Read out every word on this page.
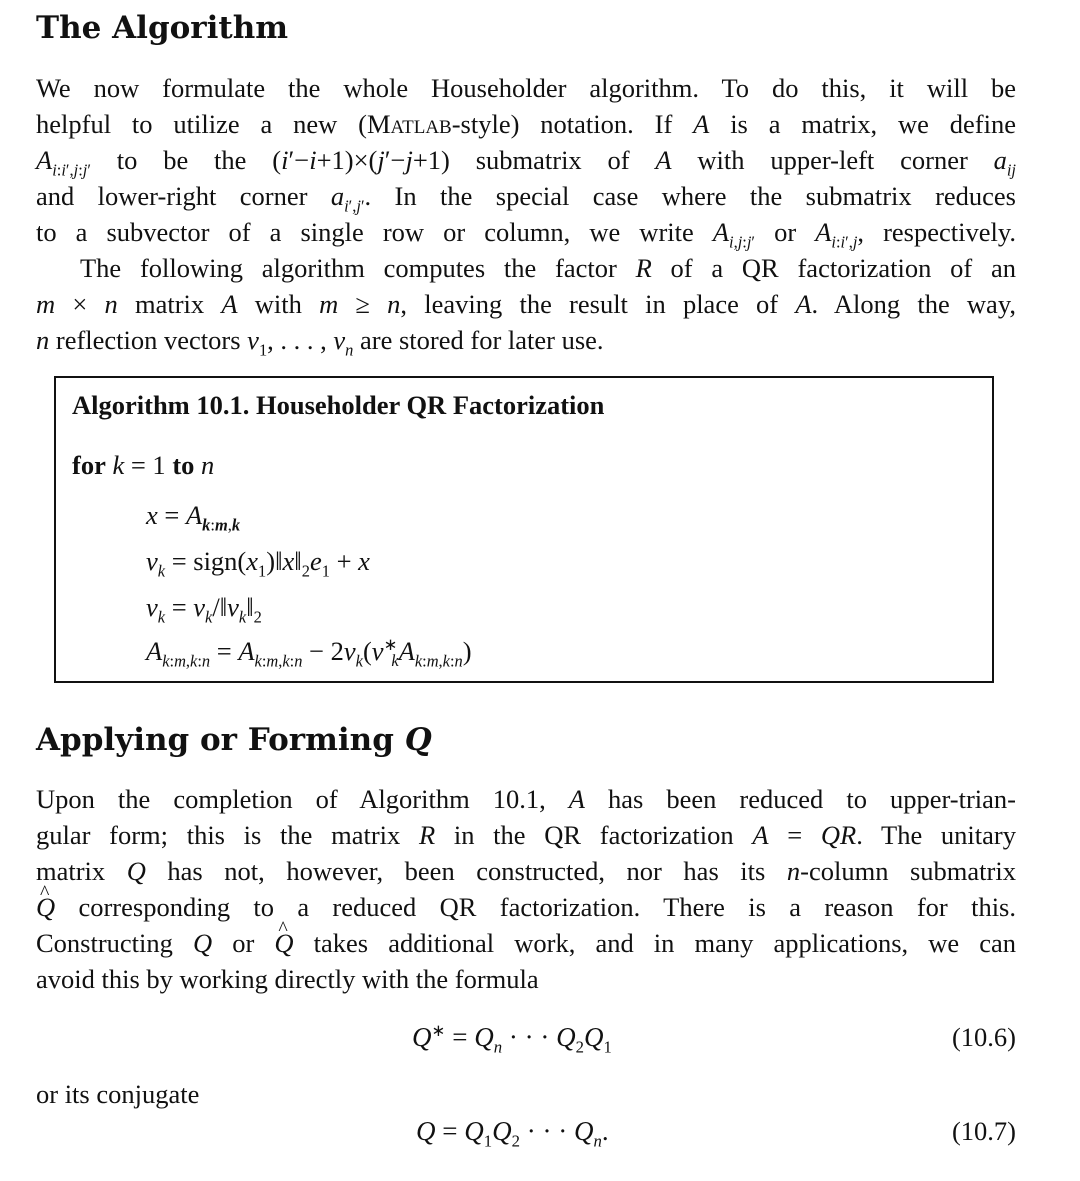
The Algorithm
We now formulate the whole Householder algorithm. To do this, it will be
helpful to utilize a new (Matlab-style) notation. If A is a matrix, we define
$A_{i:i',j:j'}$ to be the (i′−i+1)×(j′−j+1) submatrix of A with upper-left corner $a_{ij}$
and lower-right corner $a_{i',j'}$. In the special case where the submatrix reduces
to a subvector of a single row or column, we write $A_{i,j:j'}$ or $A_{i:i',j}$, respectively.
The following algorithm computes the factor R of a QR factorization of an
m × n matrix A with m ≥ n, leaving the result in place of A. Along the way,
n reflection vectors $v_1$, . . . , $v_n$ are stored for later use.
Algorithm 10.1. Householder QR Factorization
for k = 1 to n
$x = A_{k:m,k}$
$v_k$ = $sign(x_1)‖x‖_2e_1 + x$
$v_k$ = $v_k/‖v_k‖_2$
$A_{k:m,k:n} = A_{k:m,k:n} - 2v_k(v^∗_kA_{k:m,k:n})$
Applying or Forming Q
Upon the completion of Algorithm 10.1, A has been reduced to upper-trian-
gular form; this is the matrix R in the QR factorization A = QR. The unitary
matrix Q has not, however, been constructed, nor has its n-column submatrix
^ Q corresponding to a reduced QR factorization. There is a reason for this.
Constructing Q or ^ Q takes additional work, and in many applications, we can
avoid this by working directly with the formula
$Q^∗ = Q_n$ · · · $Q_2Q_1$	(10.6)
or its conjugate
$Q = Q_1Q_2$ · · · $Q_n$.	(10.7)
